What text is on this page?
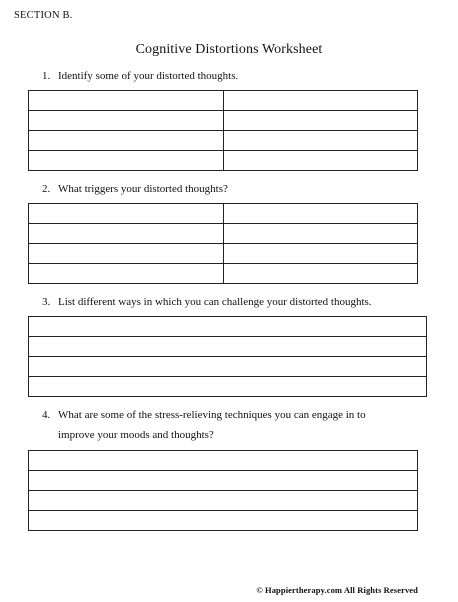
SECTION B.
Cognitive Distortions Worksheet
1. Identify some of your distorted thoughts.

2. What triggers your distorted thoughts?

3. List different ways in which you can challenge your distorted thoughts.

4. What are some of the stress-relieving techniques you can engage in to
improve your moods and thoughts?

© Happiertherapy.com All Rights Reserved
